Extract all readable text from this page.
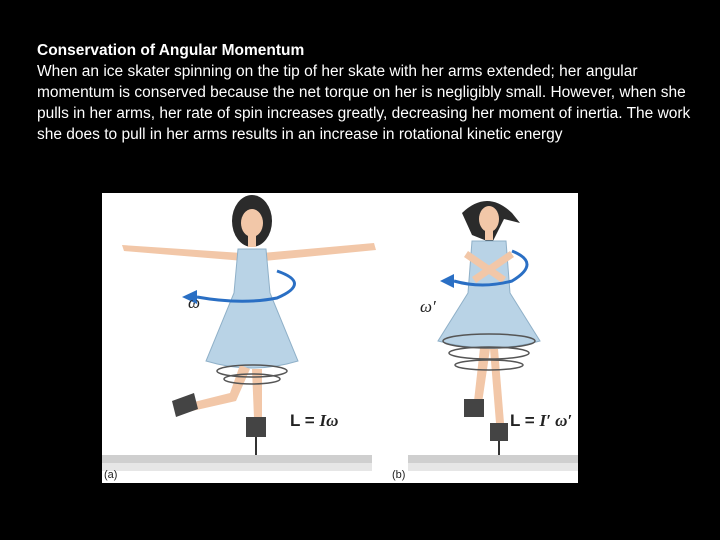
Conservation of Angular Momentum
When an ice skater spinning on the tip of her skate with her arms extended; her angular momentum is conserved because the net torque on her is negligibly small. However, when she pulls in her arms, her rate of spin increases greatly, decreasing her moment of inertia. The work she does to pull in her arms results in an increase in rotational kinetic energy
ω	ω′
L = Iω	L = I′ ω′
(a)	(b)
